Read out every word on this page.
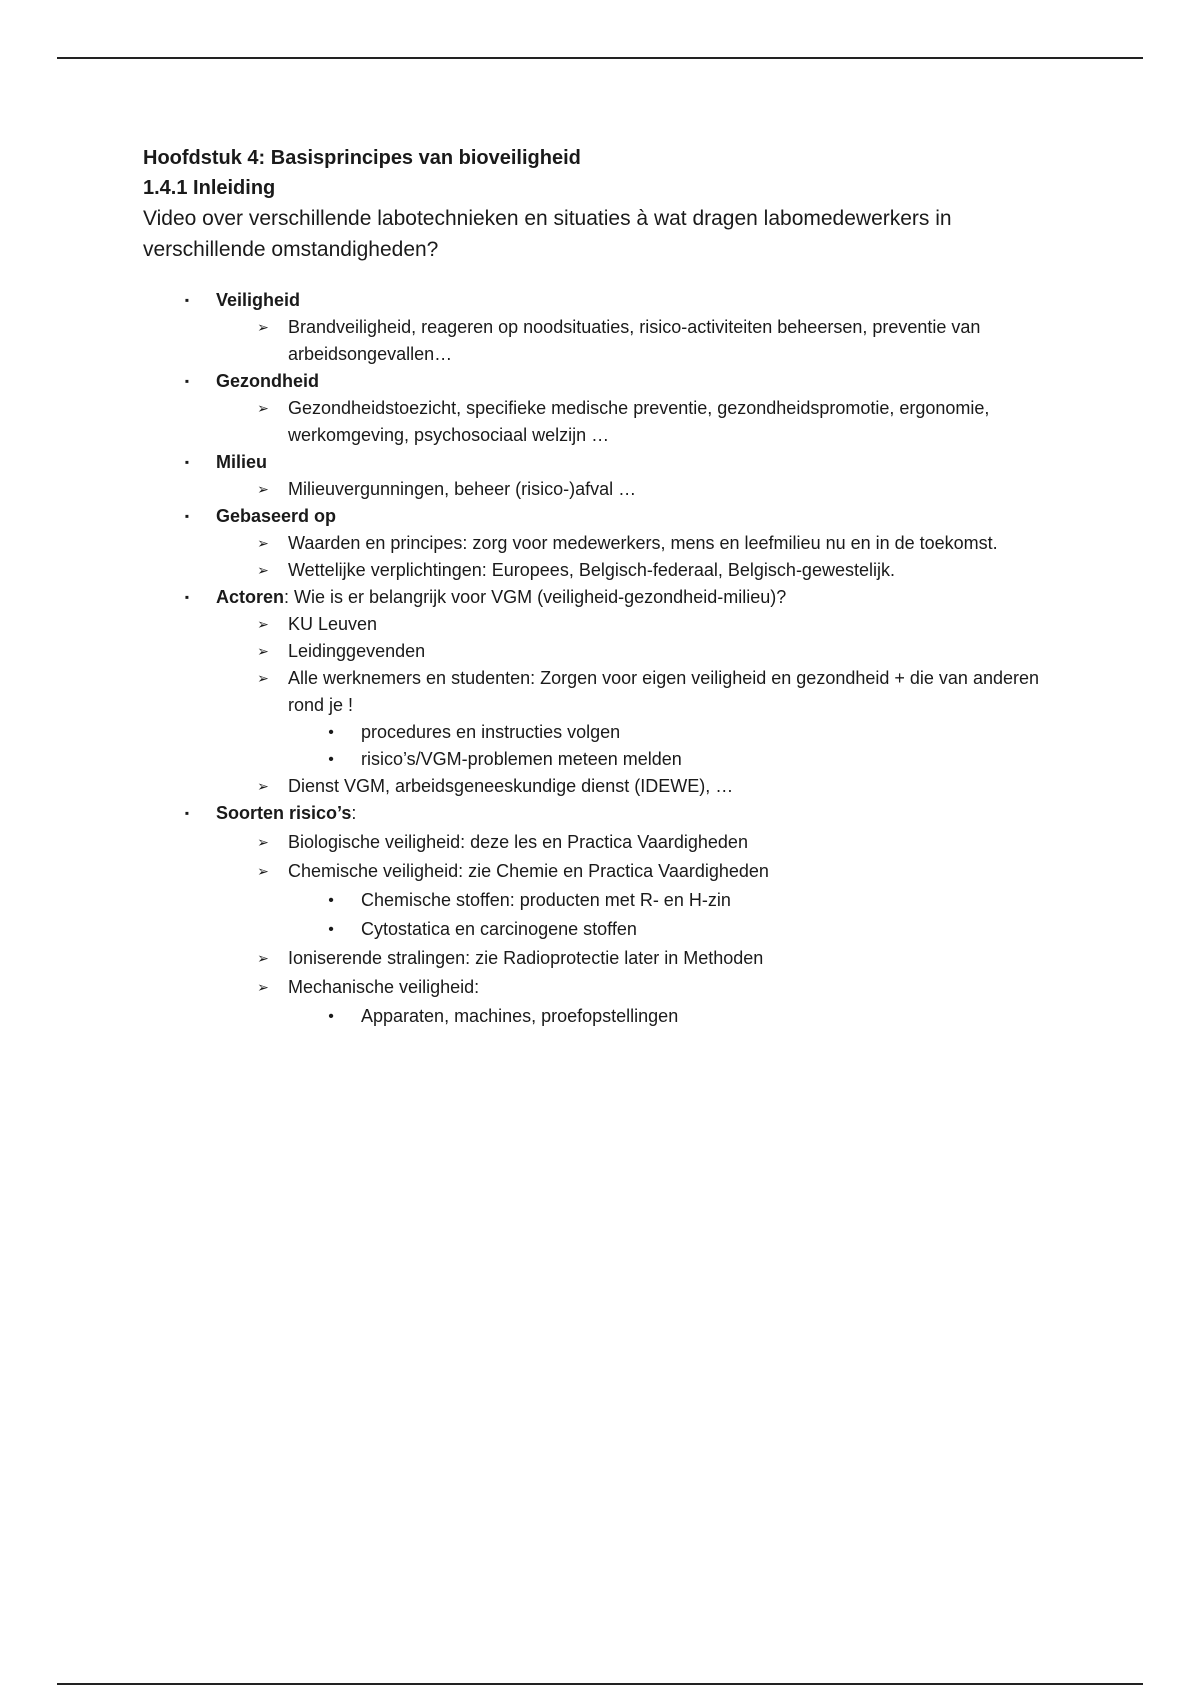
Hoofdstuk 4: Basisprincipes van bioveiligheid
1.4.1 Inleiding
Video over verschillende labotechnieken en situaties à wat dragen labomedewerkers in verschillende omstandigheden?
▪ Veiligheid
➢ Brandveiligheid, reageren op noodsituaties, risico-activiteiten beheersen, preventie van arbeidsongevallen…
▪ Gezondheid
➢ Gezondheidstoezicht, specifieke medische preventie, gezondheidspromotie, ergonomie, werkomgeving, psychosociaal welzijn …
▪ Milieu
➢ Milieuvergunningen, beheer (risico-)afval …
▪ Gebaseerd op
➢ Waarden en principes: zorg voor medewerkers, mens en leefmilieu nu en in de toekomst.
➢ Wettelijke verplichtingen: Europees, Belgisch-federaal, Belgisch-gewestelijk.
▪ Actoren: Wie is er belangrijk voor VGM (veiligheid-gezondheid-milieu)?
➢ KU Leuven
➢ Leidinggevenden
➢ Alle werknemers en studenten: Zorgen voor eigen veiligheid en gezondheid + die van anderen rond je !
• procedures en instructies volgen
• risico’s/VGM-problemen meteen melden
➢ Dienst VGM, arbeidsgeneeskundige dienst (IDEWE), …
▪ Soorten risico’s:
➢ Biologische veiligheid: deze les en Practica Vaardigheden
➢ Chemische veiligheid: zie Chemie en Practica Vaardigheden
• Chemische stoffen: producten met R- en H-zin
• Cytostatica en carcinogene stoffen
➢ Ioniserende stralingen: zie Radioprotectie later in Methoden
➢ Mechanische veiligheid:
• Apparaten, machines, proefopstellingen
